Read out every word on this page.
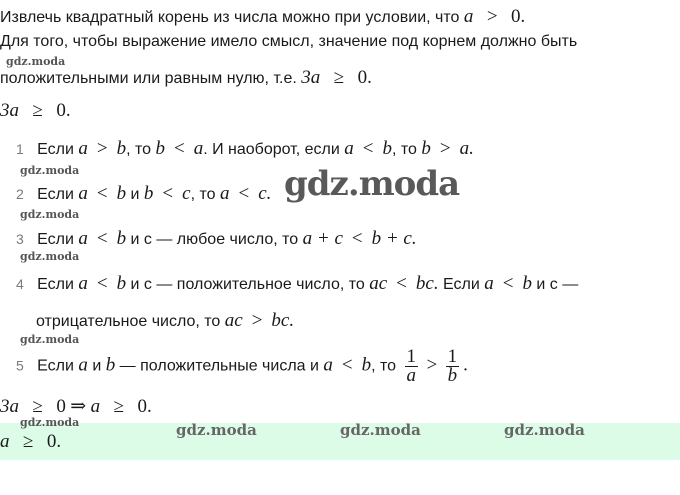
Извлечь квадратный корень из числа можно при условии, что a > 0.
Для того, чтобы выражение имело смысл, значение под корнем должно быть
gdz.moda
положительными или равным нулю, т.е. 3a ≥ 0.
3a ≥ 0.
1 Если a > b, то b < a. И наоборот, если a < b, то b > a.
gdz.moda
2 Если a < b и b < c, то a < c. gdz.moda
gdz.moda
3 Если a < b и c — любое число, то a + c < b + c.
gdz.moda
4 Если a < b и c — положительное число, то ac < bc. Если a < b и c —
отрицательное число, то ac > bc.
gdz.moda
5 Если a и b — положительные числа и a < b, то $\frac{1}{a} > \frac{1}{b}$ .
3a ≥ 0 ⇒ a ≥ 0.
gdz.moda	gdz.moda	gdz.moda	gdz.moda
a ≥ 0.
